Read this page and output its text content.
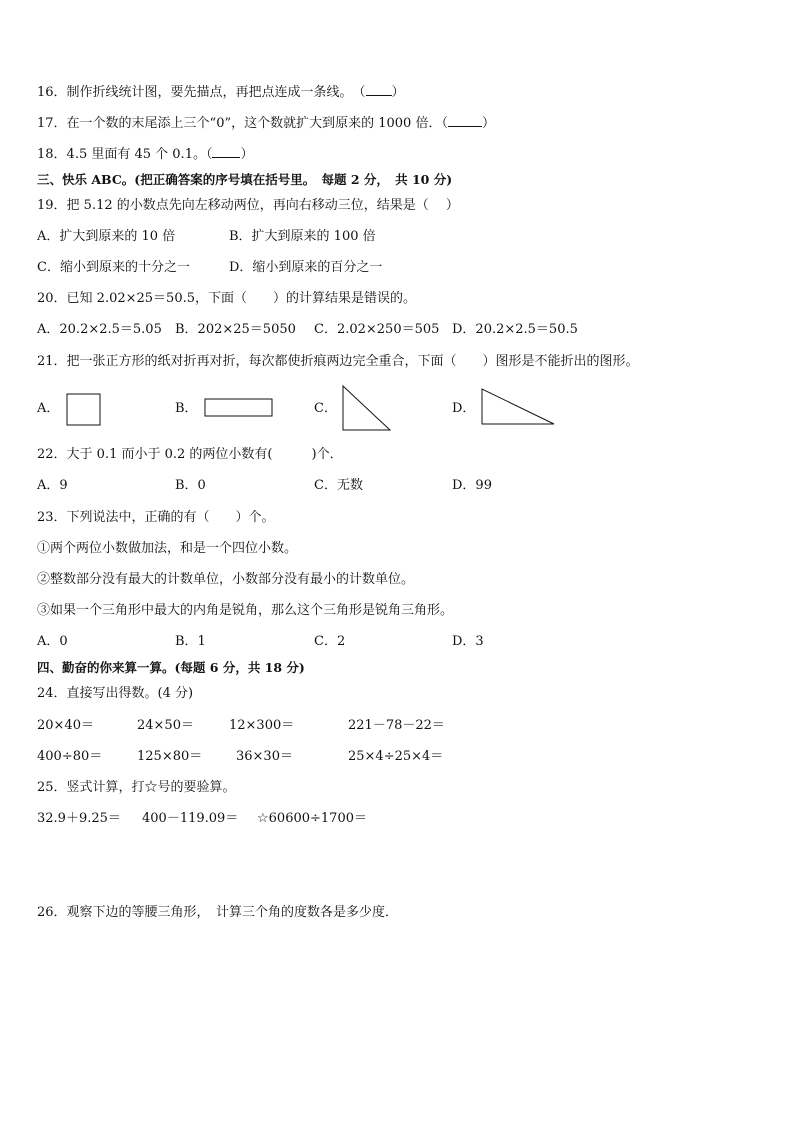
16．制作折线统计图，要先描点，再把点连成一条线。　（ ）
17．在一个数的末尾添上三个“0”，这个数就扩大到原来的 1000 倍．（	）
18．4.5 里面有 45 个 0.1。（ ）
三、快乐 ABC。(把正确答案的序号填在括号里。　每题 2 分，　共 10 分)
19．把 5.12 的小数点先向左移动两位，再向右移动三位，结果是（　 ）
A．扩大到原来的 10 倍	B．扩大到原来的 100 倍
C．缩小到原来的十分之一	D．缩小到原来的百分之一
20．已知 2.02×25＝50.5，下面（　　）的计算结果是错误的。
A．20.2×2.5＝5.05 B．202×25＝5050 C．2.02×250＝505 D．20.2×2.5＝50.5
21．把一张正方形的纸对折再对折，每次都使折痕两边完全重合，下面（　　）图形是不能折出的图形。
A．	B．	C．	D．
22．大于 0.1 而小于 0.2 的两位小数有(　　　)个．
A．9	B．0	C．无数	D．99
23．下列说法中，正确的有（　　）个。
①两个两位小数做加法，和是一个四位小数。
②整数部分没有最大的计数单位，小数部分没有最小的计数单位。
③如果一个三角形中最大的内角是锐角，那么这个三角形是锐角三角形。
A．0	B．1	C．2	D．3
四、勤奋的你来算一算。(每题 6 分，共 18 分)
24．直接写出得数。(4 分)
20×40＝	24×50＝	12×300＝	221－78－22＝
400÷80＝	125×80＝	36×30＝	25×4÷25×4＝
25．竖式计算，打☆号的要验算。
32.9＋9.25＝ 400－119.09＝ ☆60600÷1700＝
26．观察下边的等腰三角形，　计算三个角的度数各是多少度．
